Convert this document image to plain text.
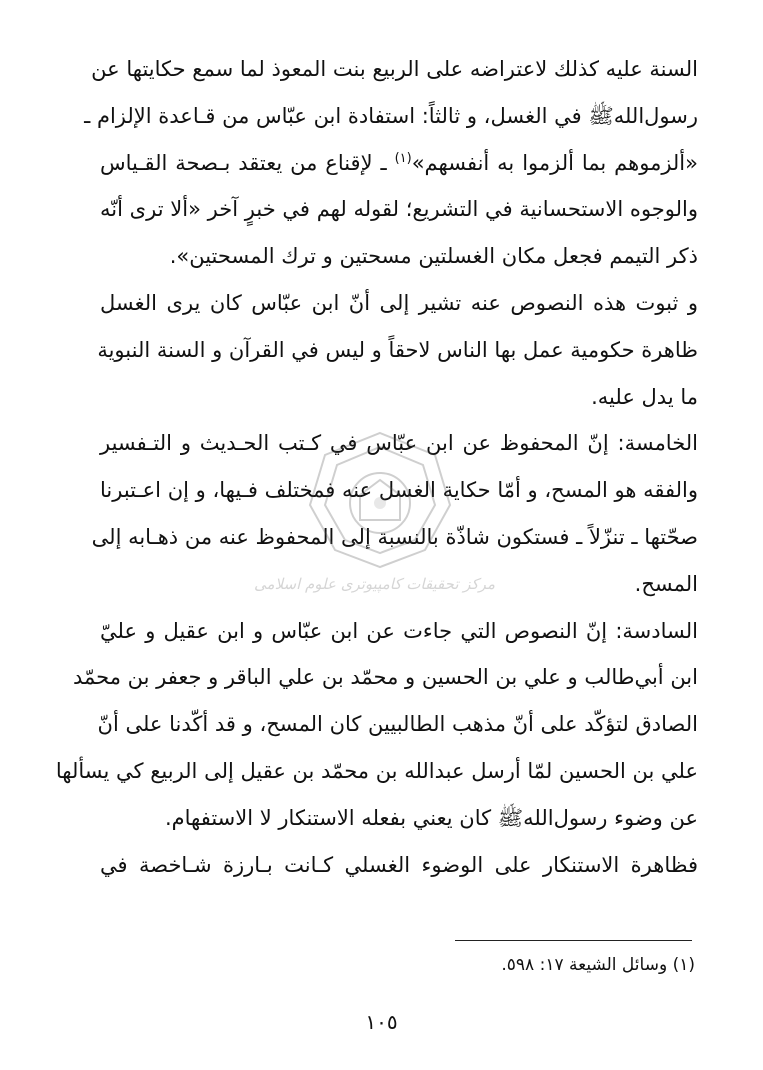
السنة عليه كذلك لاعتراضه على الربيع بنت المعوذ لما سمع حكايتها عن
رسول‌اللهﷺ في الغسل، و ثالثاً: استفادة ابن عبّاس من قـاعدة الإلزام ـ
«ألزموهم بما ألزموا به أنفسهم»$^{(١)}$ ـ لإقناع من يعتقد بـصحة القـياس
والوجوه الاستحسانية في التشريع؛ لقوله لهم في خبرٍ آخر «ألا ترى أنّه
ذكر التيمم فجعل مكان الغسلتين مسحتين و ترك المسحتين».
و ثبوت هذه النصوص عنه تشير إلى أنّ ابن عبّاس كان يرى الغسل
ظاهرة حكومية عمل بها الناس لاحقاً و ليس في القرآن و السنة النبوية
ما يدل عليه.
الخامسة: إنّ المحفوظ عن ابن عبّاس في كـتب الحـديث و التـفسير
والفقه هو المسح، و أمّا حكاية الغسل عنه فمختلف فـيها، و إن اعـتبرنا
صحّتها ـ تنزّلاً ـ فستكون شاذّة بالنسبة إلى المحفوظ عنه من ذهـابه إلى
المسح.
السادسة: إنّ النصوص التي جاءت عن ابن عبّاس و ابن عقيل و عليّ
ابن أبي‌طالب و علي بن الحسين و محمّد بن علي الباقر و جعفر بن محمّد
الصادق لتؤكّد على أنّ مذهب الطالبيين كان المسح، و قد أكّدنا على أنّ
علي بن الحسين لمّا أرسل عبدالله بن محمّد بن عقيل إلى الربيع كي يسألها
عن وضوء رسول‌اللهﷺ كان يعني بفعله الاستنكار لا الاستفهام.
فظاهرة الاستنكار على الوضوء الغسلي كـانت بـارزة شـاخصة في
مرکز تحقیقات کامپیوتری علوم اسلامی
(١) وسائل الشيعة ١٧: ٥٩٨.
١٠٥
